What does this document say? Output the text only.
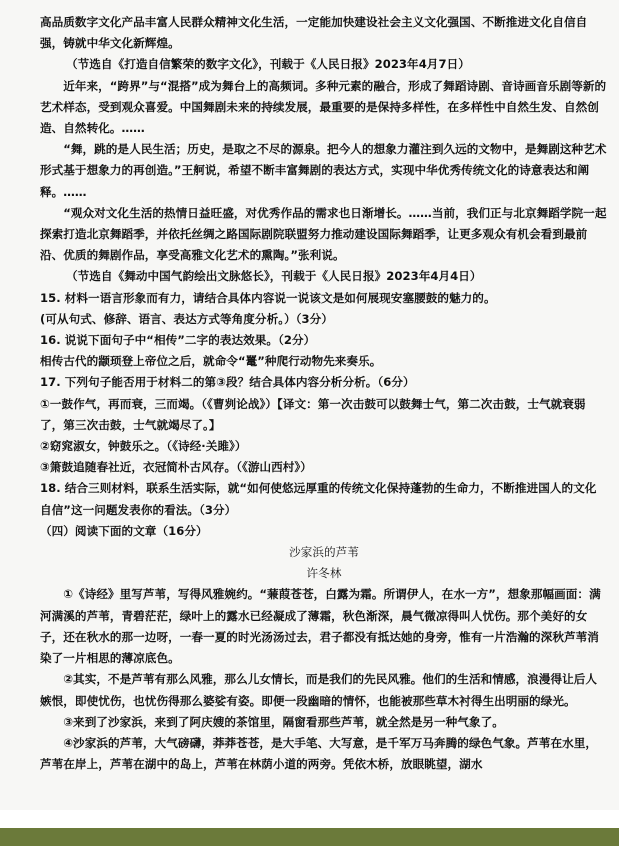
高品质数字文化产品丰富人民群众精神文化生活，一定能加快建设社会主义文化强国、不断推进文化自信自强，铸就中华文化新辉煌。

（节选自《打造自信繁荣的数字文化》，刊载于《人民日报》2023年4月7日）

近年来，“跨界”与“混搭”成为舞台上的高频词。多种元素的融合，形成了舞蹈诗剧、音诗画音乐剧等新的艺术样态，受到观众喜爱。中国舞剧未来的持续发展，最重要的是保持多样性，在多样性中自然生发、自然创造、自然转化。……

“舞，跳的是人民生活；历史，是取之不尽的源泉。把今人的想象力灌注到久远的文物中，是舞剧这种艺术形式基于想象力的再创造。”王舸说，希望不断丰富舞剧的表达方式，实现中华优秀传统文化的诗意表达和阐释。……

“观众对文化生活的热情日益旺盛，对优秀作品的需求也日渐增长。……当前，我们正与北京舞蹈学院一起探索打造北京舞蹈季，并依托丝绸之路国际剧院联盟努力推动建设国际舞蹈季，让更多观众有机会看到最前沿、优质的舞剧作品，享受高雅文化艺术的熏陶。”张利说。

（节选自《舞动中国气韵绘出文脉悠长》，刊载于《人民日报》2023年4月4日）

15. 材料一语言形象而有力，请结合具体内容说一说该文是如何展现安塞腰鼓的魅力的。

(可从句式、修辞、语言、表达方式等角度分析。）（3分）

16. 说说下面句子中“相传”二字的表达效果。（2分）

相传古代的颛顼登上帝位之后，就命令“鼍”种爬行动物先来奏乐。

17. 下列句子能否用于材料二的第③段？结合具体内容分析分析。（6分）

①一鼓作气，再而衰，三而竭。（《曹刿论战》）【译文：第一次击鼓可以鼓舞士气，第二次击鼓，士气就衰弱了，第三次击鼓，士气就竭尽了。】

②窈窕淑女，钟鼓乐之。（《诗经·关雎》）

③箫鼓追随春社近，衣冠简朴古风存。（《游山西村》）

18. 结合三则材料，联系生活实际，就“如何使悠远厚重的传统文化保持蓬勃的生命力，不断推进国人的文化自信”这一问题发表你的看法。（3分）

（四）阅读下面的文章（16分）

沙家浜的芦苇

许冬林

①《诗经》里写芦苇，写得风雅婉约。“蒹葭苍苍，白露为霜。所谓伊人，在水一方”，想象那幅画面：满河满溪的芦苇，青碧茫茫，绿叶上的露水已经凝成了薄霜，秋色渐深，晨气微凉得叫人忧伤。那个美好的女子，还在秋水的那一边呀，一春一夏的时光汤汤过去，君子都没有抵达她的身旁，惟有一片浩瀚的深秋芦苇消染了一片相思的薄凉底色。

②其实，不是芦苇有那么风雅，那么儿女情长，而是我们的先民风雅。他们的生活和情感，浪漫得让后人嫉恨，即使忧伤，也忧伤得那么婆娑有姿。即便一段幽暗的情怀，也能被那些草木衬得生出明丽的绿光。

③来到了沙家浜，来到了阿庆嫂的茶馆里，隔窗看那些芦苇，就全然是另一种气象了。

④沙家浜的芦苇，大气磅礴，莽莽苍苍，是大手笔、大写意，是千军万马奔腾的绿色气象。芦苇在水里，芦苇在岸上，芦苇在湖中的岛上，芦苇在林荫小道的两旁。凭依木桥，放眼眺望，湖水
